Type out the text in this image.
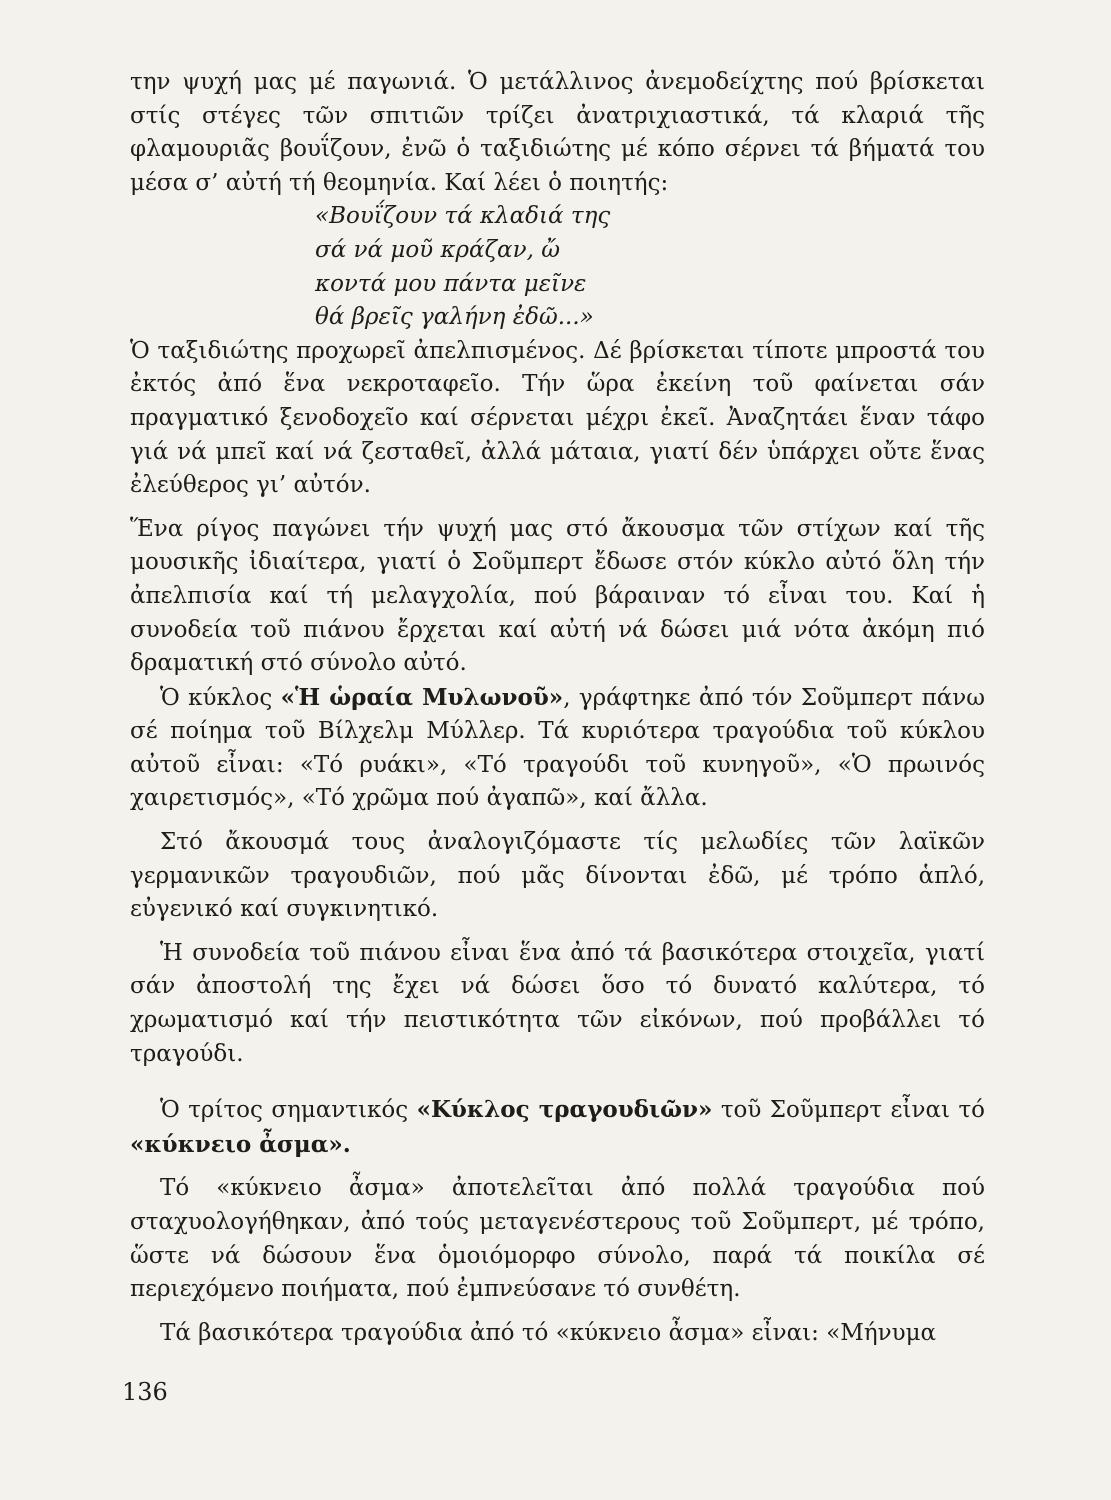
την ψυχή μας μέ παγωνιά. Ὁ μετάλλινος ἀνεμοδείχτης πού βρίσκεται στίς στέγες τῶν σπιτιῶν τρίζει ἀνατριχιαστικά, τά κλαριά τῆς φλαμουριᾶς βουΐζουν, ἐνῶ ὁ ταξιδιώτης μέ κόπο σέρνει τά βήματά του μέσα σ’ αὐτή τή θεομηνία. Καί λέει ὁ ποιητής:

«Βουΐζουν τά κλαδιά της
σά νά μοῦ κράζαν, ὤ
κοντά μου πάντα μεῖνε
θά βρεῖς γαλήνη ἐδῶ...»

Ὁ ταξιδιώτης προχωρεῖ ἀπελπισμένος. Δέ βρίσκεται τίποτε μπροστά του ἐκτός ἀπό ἕνα νεκροταφεῖο. Τήν ὥρα ἐκείνη τοῦ φαίνεται σάν πραγματικό ξενοδοχεῖο καί σέρνεται μέχρι ἐκεῖ. Ἀναζητάει ἕναν τάφο γιά νά μπεῖ καί νά ζεσταθεῖ, ἀλλά μάταια, γιατί δέν ὑπάρχει οὔτε ἕνας ἐλεύθερος γι’ αὐτόν.

Ἕνα ρίγος παγώνει τήν ψυχή μας στό ἄκουσμα τῶν στίχων καί τῆς μουσικῆς ἰδιαίτερα, γιατί ὁ Σοῦμπερτ ἔδωσε στόν κύκλο αὐτό ὅλη τήν ἀπελπισία καί τή μελαγχολία, πού βάραιναν τό εἶναι του. Καί ἡ συνοδεία τοῦ πιάνου ἔρχεται καί αὐτή νά δώσει μιά νότα ἀκόμη πιό δραματική στό σύνολο αὐτό.

Ὁ κύκλος «Ἡ ὡραία Μυλωνοῦ», γράφτηκε ἀπό τόν Σοῦμπερτ πάνω σέ ποίημα τοῦ Βίλχελμ Μύλλερ. Τά κυριότερα τραγούδια τοῦ κύκλου αὐτοῦ εἶναι: «Τό ρυάκι», «Τό τραγούδι τοῦ κυνηγοῦ», «Ὁ πρωινός χαιρετισμός», «Τό χρῶμα πού ἀγαπῶ», καί ἄλλα.

Στό ἄκουσμά τους ἀναλογιζόμαστε τίς μελωδίες τῶν λαϊκῶν γερμανικῶν τραγουδιῶν, πού μᾶς δίνονται ἐδῶ, μέ τρόπο ἁπλό, εὐγενικό καί συγκινητικό.

Ἡ συνοδεία τοῦ πιάνου εἶναι ἕνα ἀπό τά βασικότερα στοιχεῖα, γιατί σάν ἀποστολή της ἔχει νά δώσει ὅσο τό δυνατό καλύτερα, τό χρωματισμό καί τήν πειστικότητα τῶν εἰκόνων, πού προβάλλει τό τραγούδι.

Ὁ τρίτος σημαντικός «Κύκλος τραγουδιῶν» τοῦ Σοῦμπερτ εἶναι τό «κύκνειο ἆσμα».

Τό «κύκνειο ἆσμα» ἀποτελεῖται ἀπό πολλά τραγούδια πού σταχυολογήθηκαν, ἀπό τούς μεταγενέστερους τοῦ Σοῦμπερτ, μέ τρόπο, ὥστε νά δώσουν ἕνα ὁμοιόμορφο σύνολο, παρά τά ποικίλα σέ περιεχόμενο ποιήματα, πού ἐμπνεύσανε τό συνθέτη.

Τά βασικότερα τραγούδια ἀπό τό «κύκνειο ἆσμα» εἶναι: «Μήνυμα

136
